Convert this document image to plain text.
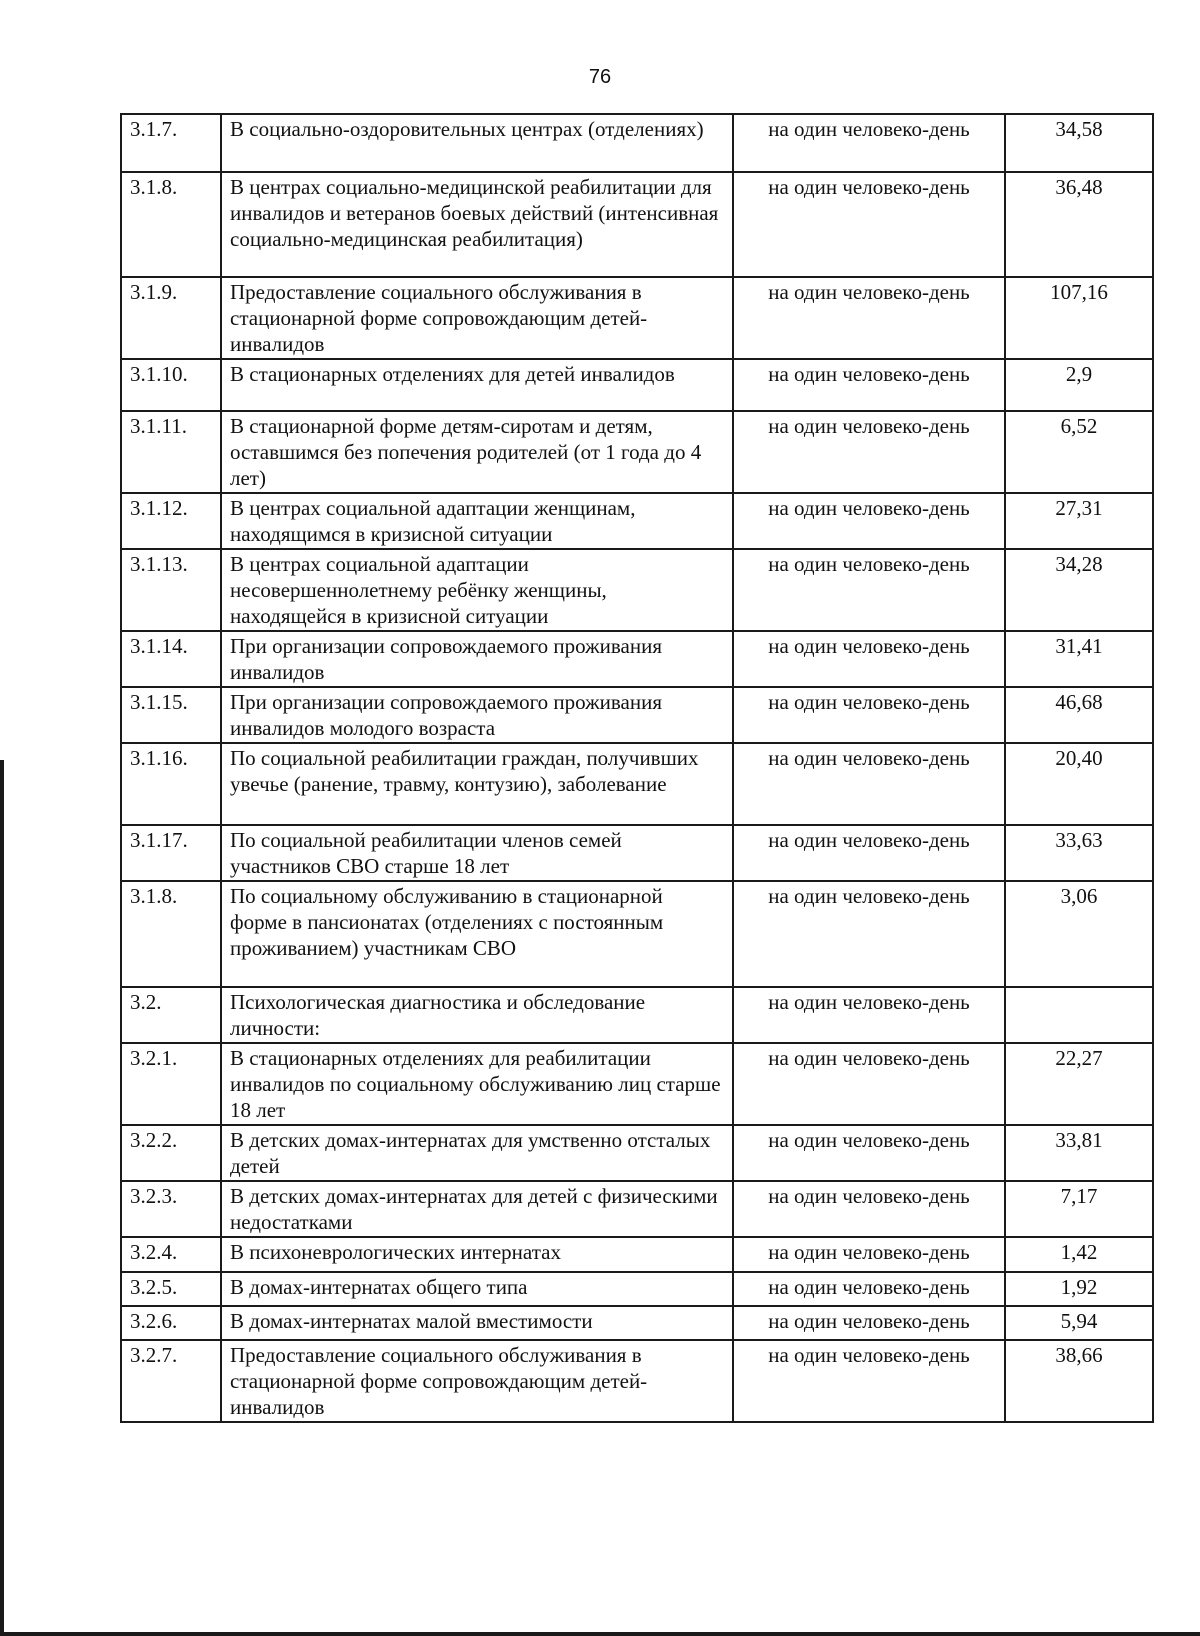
76
3.1.7.	В социально-оздоровительных центрах (отделениях)	на один человеко-день	34,58
3.1.8.	В центрах социально-медицинской реабилитации для инвалидов и ветеранов боевых действий (интенсивная социально-медицинская реабилитация)	на один человеко-день	36,48
3.1.9.	Предоставление социального обслуживания в стационарной форме сопровождающим детей-инвалидов	на один человеко-день	107,16
3.1.10.	В стационарных отделениях для детей инвалидов	на один человеко-день	2,9
3.1.11.	В стационарной форме детям-сиротам и детям, оставшимся без попечения родителей (от 1 года до 4 лет)	на один человеко-день	6,52
3.1.12.	В центрах социальной адаптации женщинам, находящимся в кризисной ситуации	на один человеко-день	27,31
3.1.13.	В центрах социальной адаптации несовершеннолетнему ребёнку женщины, находящейся в кризисной ситуации	на один человеко-день	34,28
3.1.14.	При организации сопровождаемого проживания инвалидов	на один человеко-день	31,41
3.1.15.	При организации сопровождаемого проживания инвалидов молодого возраста	на один человеко-день	46,68
3.1.16.	По социальной реабилитации граждан, получивших увечье (ранение, травму, контузию), заболевание	на один человеко-день	20,40
3.1.17.	По социальной реабилитации членов семей участников СВО старше 18 лет	на один человеко-день	33,63
3.1.8.	По социальному обслуживанию в стационарной форме в пансионатах (отделениях с постоянным проживанием) участникам СВО	на один человеко-день	3,06
3.2.	Психологическая диагностика и обследование личности:	на один человеко-день	
3.2.1.	В стационарных отделениях для реабилитации инвалидов по социальному обслуживанию лиц старше 18 лет	на один человеко-день	22,27
3.2.2.	В детских домах-интернатах для умственно отсталых детей	на один человеко-день	33,81
3.2.3.	В детских домах-интернатах для детей с физическими недостатками	на один человеко-день	7,17
3.2.4.	В психоневрологических интернатах	на один человеко-день	1,42
3.2.5.	В домах-интернатах общего типа	на один человеко-день	1,92
3.2.6.	В домах-интернатах малой вместимости	на один человеко-день	5,94
3.2.7.	Предоставление социального обслуживания в стационарной форме сопровождающим детей-инвалидов	на один человеко-день	38,66
